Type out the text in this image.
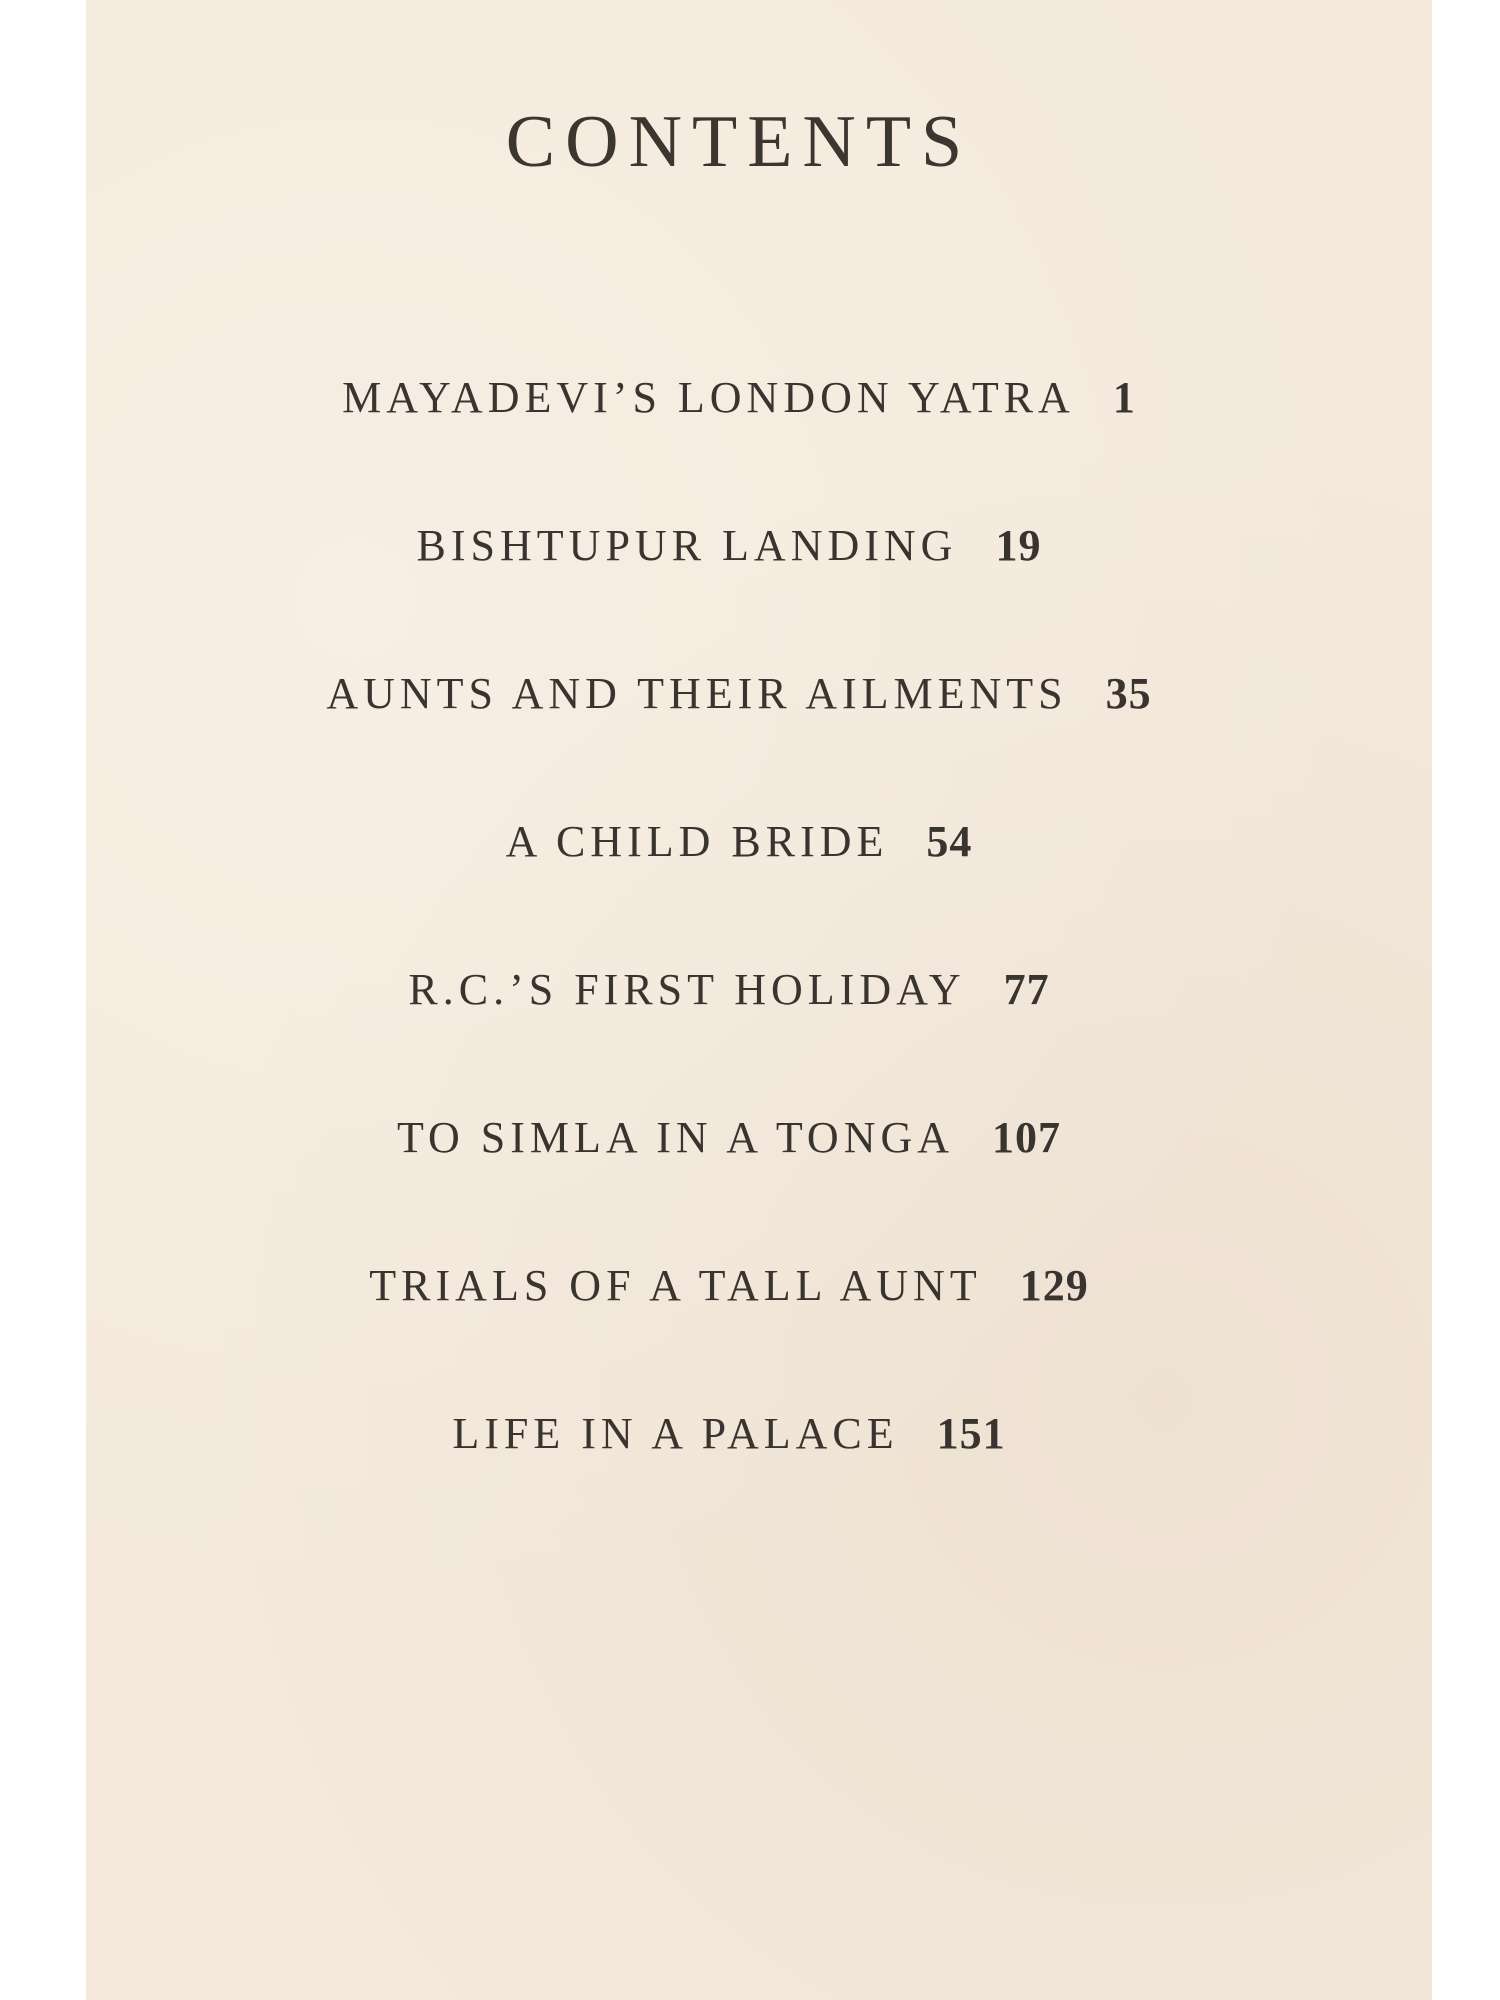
CONTENTS
MAYADEVI’S LONDON YATRA 1
BISHTUPUR LANDING 19
AUNTS AND THEIR AILMENTS 35
A CHILD BRIDE 54
R.C.’S FIRST HOLIDAY 77
TO SIMLA IN A TONGA 107
TRIALS OF A TALL AUNT 129
LIFE IN A PALACE 151
